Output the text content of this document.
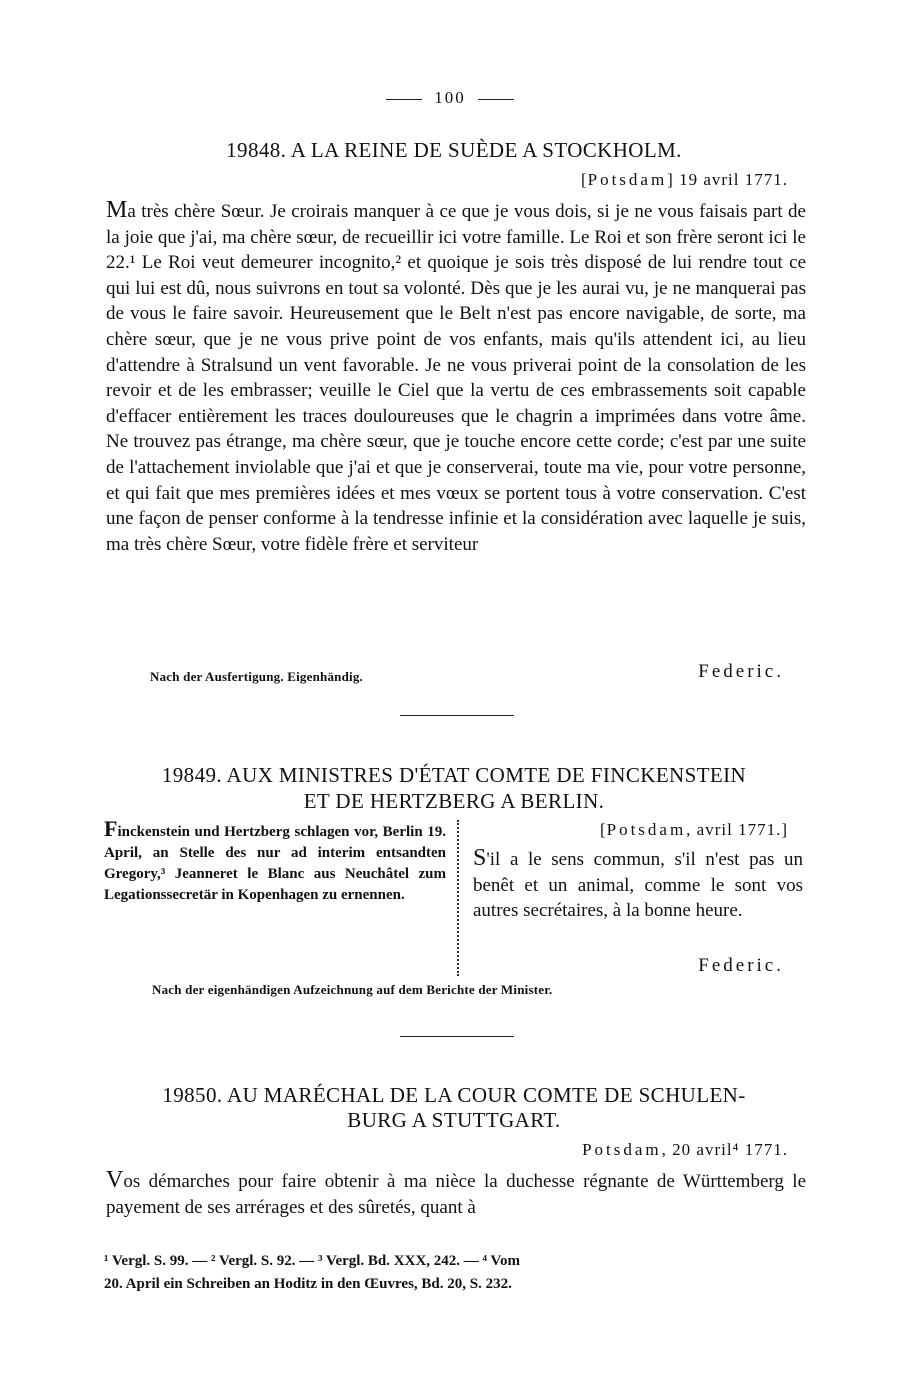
100
19848. A LA REINE DE SUÈDE A STOCKHOLM.
[Potsdam] 19 avril 1771.

Ma très chère Sœur. Je croirais manquer à ce que je vous dois, si je ne vous faisais part de la joie que j'ai, ma chère sœur, de recueillir ici votre famille. Le Roi et son frère seront ici le 22.¹ Le Roi veut demeurer incognito,² et quoique je sois très disposé de lui rendre tout ce qui lui est dû, nous suivrons en tout sa volonté. Dès que je les aurai vu, je ne manquerai pas de vous le faire savoir. Heureusement que le Belt n'est pas encore navigable, de sorte, ma chère sœur, que je ne vous prive point de vos enfants, mais qu'ils attendent ici, au lieu d'attendre à Stralsund un vent favorable. Je ne vous priverai point de la consolation de les revoir et de les embrasser; veuille le Ciel que la vertu de ces embrassements soit capable d'effacer entièrement les traces douloureuses que le chagrin a imprimées dans votre âme. Ne trouvez pas étrange, ma chère sœur, que je touche encore cette corde; c'est par une suite de l'attachement inviolable que j'ai et que je conserverai, toute ma vie, pour votre personne, et qui fait que mes premières idées et mes vœux se portent tous à votre conservation. C'est une façon de penser conforme à la tendresse infinie et la considération avec laquelle je suis, ma très chère Sœur, votre fidèle frère et serviteur

Nach der Ausfertigung. Eigenhändig.	Federic.
19849. AUX MINISTRES D'ÉTAT COMTE DE FINCKENSTEIN
ET DE HERTZBERG A BERLIN.
Finckenstein und Hertzberg schlagen vor, Berlin 19. April, an Stelle des nur ad interim entsandten Gregory,³ Jeanneret le Blanc aus Neuchâtel zum Legationssecretär in Kopenhagen zu ernennen.
[Potsdam, avril 1771.]
S'il a le sens commun, s'il n'est pas un benêt et un animal, comme le sont vos autres secrétaires, à la bonne heure.
Federic.
Nach der eigenhändigen Aufzeichnung auf dem Berichte der Minister.
19850. AU MARÉCHAL DE LA COUR COMTE DE SCHULEN-
BURG A STUTTGART.
Potsdam, 20 avril⁴ 1771.

Vos démarches pour faire obtenir à ma nièce la duchesse régnante de Württemberg le payement de ses arrérages et des sûretés, quant à

¹ Vergl. S. 99. — ² Vergl. S. 92. — ³ Vergl. Bd. XXX, 242. — ⁴ Vom

20. April ein Schreiben an Hoditz in den Œuvres, Bd. 20, S. 232.
